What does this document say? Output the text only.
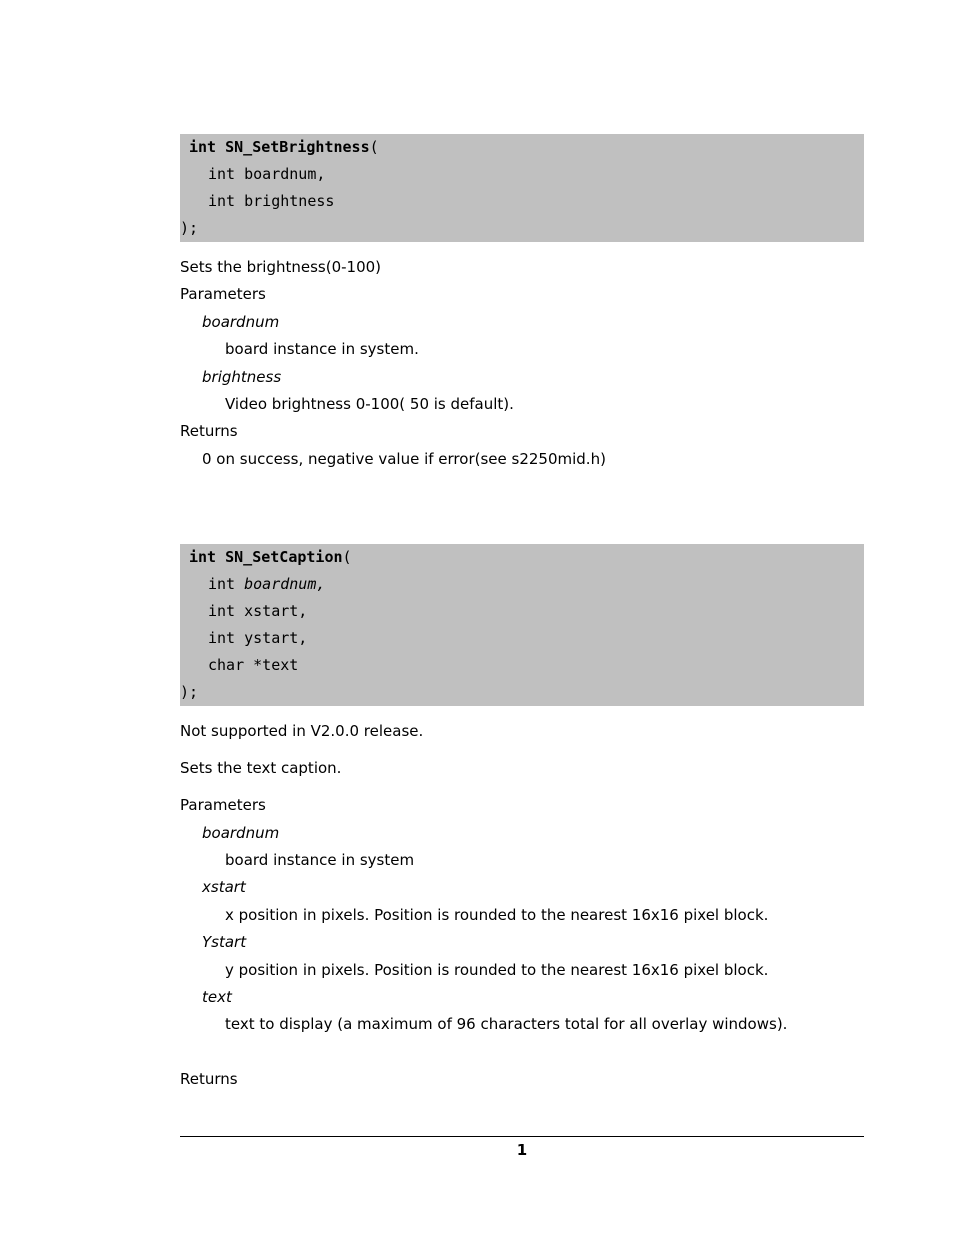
int SN_SetBrightness(
int boardnum,
int brightness
);
Sets the brightness(0-100)
Parameters
boardnum
board instance in system.
brightness
Video brightness 0-100( 50 is default).
Returns
0 on success, negative value if error(see s2250mid.h)
int SN_SetCaption(
int boardnum,
int xstart,
int ystart,
char *text
);
Not supported in V2.0.0 release.
Sets the text caption.
Parameters
boardnum
board instance in system
xstart
x position in pixels. Position is rounded to the nearest 16x16 pixel block.
Ystart
y position in pixels. Position is rounded to the nearest 16x16 pixel block.
text
text to display (a maximum of 96 characters total for all overlay windows).
Returns
1
